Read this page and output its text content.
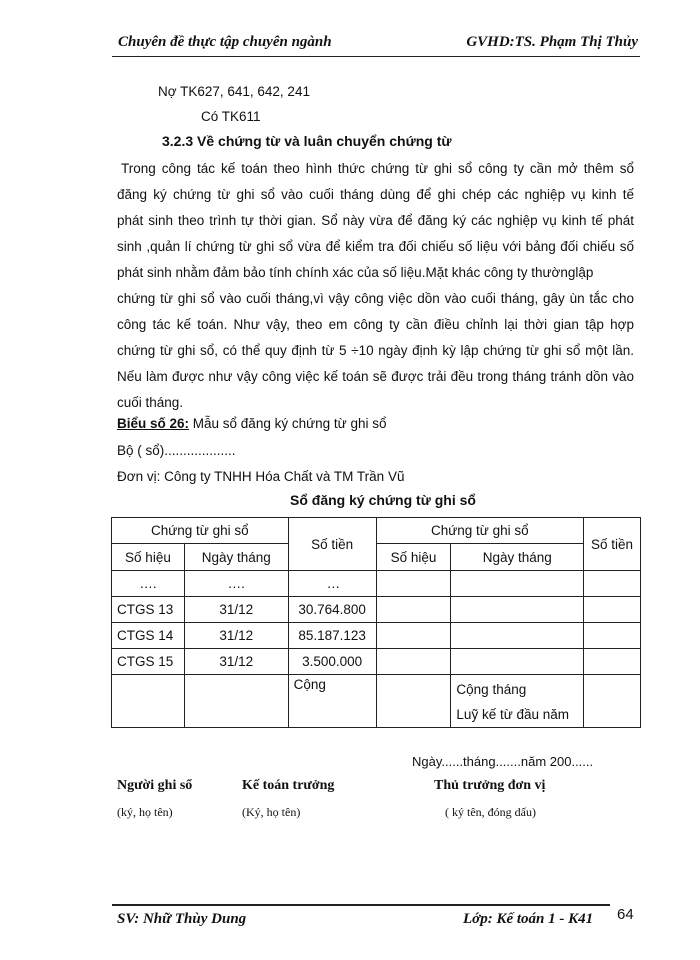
Chuyên đề thực tập chuyên ngành	GVHD:TS. Phạm Thị Thủy
Nợ TK627, 641, 642, 241
Có TK611
3.2.3 Về chứng từ và luân chuyển chứng từ
Trong công tác kế toán theo hình thức chứng từ ghi sổ công ty cần mở thêm sổ
đăng ký chứng từ ghi sổ vào cuối tháng dùng để ghi chép các nghiệp vụ kinh tế
phát sinh theo trình tự thời gian. Sổ này vừa để đăng ký các nghiệp vụ kinh tế phát
sinh ,quản lí chứng từ ghi sổ vừa để kiểm tra đối chiếu số liệu với bảng đối chiếu số
phát sinh nhằm đảm bảo tính chính xác của số liệu.Mặt khác công ty thườnglập
chứng từ ghi sổ vào cuối tháng,vì vậy công việc dồn vào cuối tháng, gây ùn tắc cho
công tác kế toán. Như vậy, theo em công ty cần điều chỉnh lại thời gian tập hợp
chứng từ ghi sổ, có thể quy định từ 5 ÷10 ngày định kỳ lập chứng từ ghi sổ một lần.
Nếu làm được như vậy công việc kế toán sẽ được trải đều trong tháng tránh dồn vào
cuối tháng.
Biểu số 26: Mẫu sổ đăng ký chứng từ ghi sổ
Bộ ( sổ)...................
Đơn vị: Công ty TNHH Hóa Chất và TM Trần Vũ
Sổ đăng ký chứng từ ghi sổ
Chứng từ ghi sổ		Số tiền	Chứng từ ghi sổ		Số tiền
Số hiệu	Ngày tháng		Số hiệu	Ngày tháng	
….	….	…			
CTGS 13	31/12	30.764.800			
CTGS 14	31/12	85.187.123			
CTGS 15	31/12	3.500.000			
		Cộng		Cộng tháng
Luỹ kế từ đầu năm	

Ngày......tháng.......năm 200......
Người ghi sổ	Kế toán trưởng	Thủ trưởng đơn vị
(ký, họ tên)	(Ký, họ tên)	( ký tên, đóng dấu)
SV: Nhữ Thùy Dung	Lớp: Kế toán 1 - K41 64
